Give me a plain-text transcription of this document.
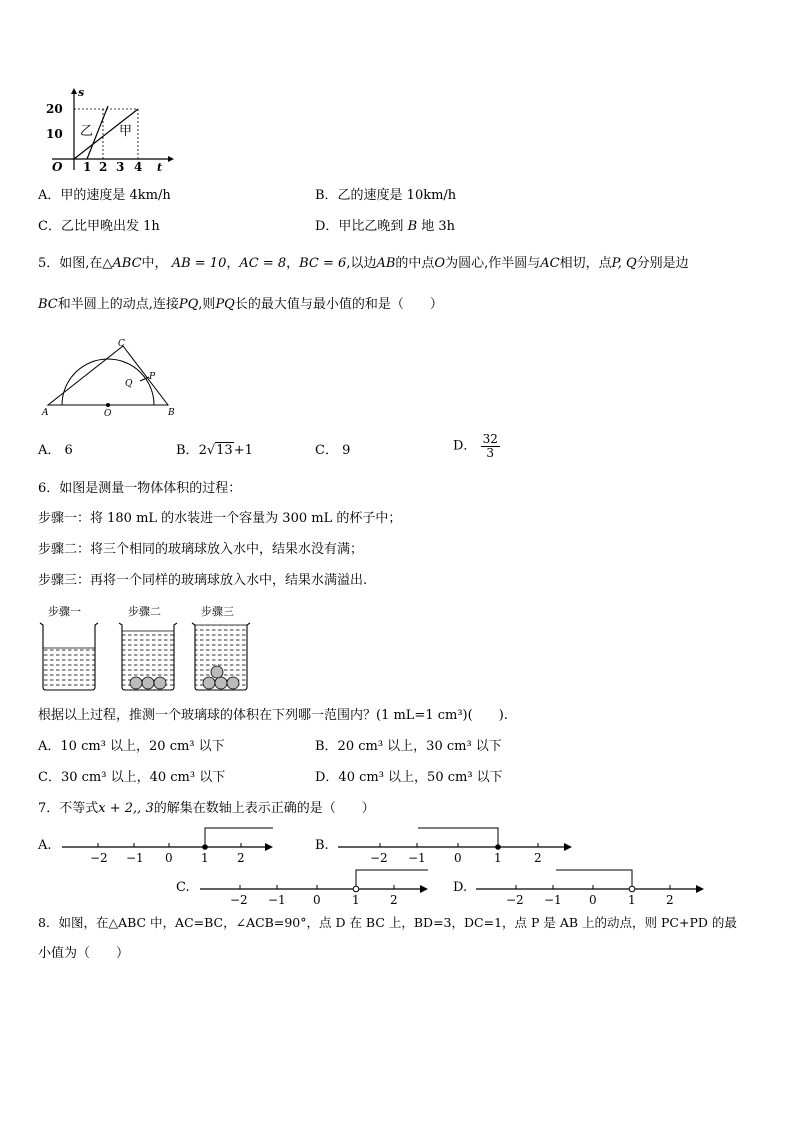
s
t
O
20
10
1 2 3 4
乙 甲
A．甲的速度是 4km/h	B．乙的速度是 10km/h
C．乙比甲晚出发 1h	D．甲比乙晚到 B 地 3h
5．如图,在△ABC中， AB = 10，AC = 8，BC = 6,以边AB的中点O为圆心,作半圆与AC相切，点P, Q分别是边
BC和半圆上的动点,连接PQ,则PQ长的最大值与最小值的和是（　　）
A	B
C
O
P
Q
A． 6	B．2√13+1	C． 9	D． $\frac{32}{3}$
6．如图是测量一物体体积的过程：
步骤一：将 180 mL 的水装进一个容量为 300 mL 的杯子中；
步骤二：将三个相同的玻璃球放入水中，结果水没有满；
步骤三：再将一个同样的玻璃球放入水中，结果水满溢出.
步骤一	步骤二	步骤三
根据以上过程，推测一个玻璃球的体积在下列哪一范围内？(1 mL=1 cm³)(　　).
A．10 cm³ 以上，20 cm³ 以下	B．20 cm³ 以上，30 cm³ 以下
C．30 cm³ 以上，40 cm³ 以下	D．40 cm³ 以上，50 cm³ 以下
7．不等式x + 2,, 3的解集在数轴上表示正确的是（　　）
A.
−2 −1 0 1 2
B.
−2 −1 0	1	2
C.
−2 −1 0	1	2
D.
−2 −1 0	1	2
8．如图，在△ABC 中，AC=BC，∠ACB=90°，点 D 在 BC 上，BD=3，DC=1，点 P 是 AB 上的动点，则 PC+PD 的最
小值为（　　）
